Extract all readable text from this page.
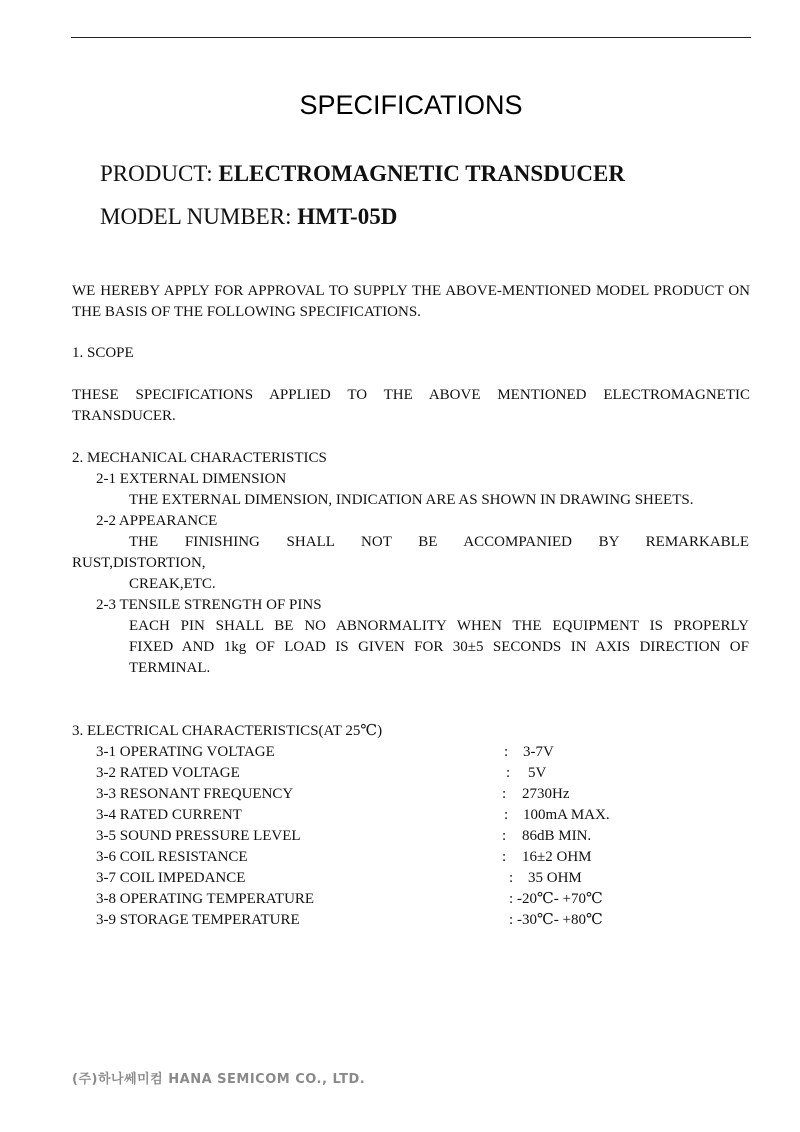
SPECIFICATIONS
PRODUCT: ELECTROMAGNETIC TRANSDUCER
MODEL NUMBER: HMT-05D
WE HEREBY APPLY FOR APPROVAL TO SUPPLY THE ABOVE-MENTIONED MODEL PRODUCT ON THE BASIS OF THE FOLLOWING SPECIFICATIONS.
1. SCOPE
THESE SPECIFICATIONS APPLIED TO THE ABOVE MENTIONED ELECTROMAGNETIC TRANSDUCER.
2. MECHANICAL CHARACTERISTICS
2-1 EXTERNAL DIMENSION
THE EXTERNAL DIMENSION, INDICATION ARE AS SHOWN IN DRAWING SHEETS.
2-2 APPEARANCE
THE FINISHING SHALL NOT BE ACCOMPANIED BY REMARKABLE
RUST,DISTORTION,
CREAK,ETC.
2-3 TENSILE STRENGTH OF PINS
EACH PIN SHALL BE NO ABNORMALITY WHEN THE EQUIPMENT IS PROPERLY
FIXED AND 1kg OF LOAD IS GIVEN FOR 30±5 SECONDS IN AXIS DIRECTION OF
TERMINAL.
3. ELECTRICAL CHARACTERISTICS(AT 25℃)
3-1 OPERATING VOLTAGE	: 3-7V
3-2 RATED VOLTAGE	: 5V
3-3 RESONANT FREQUENCY	: 2730Hz
3-4 RATED CURRENT	: 100mA MAX.
3-5 SOUND PRESSURE LEVEL	: 86dB MIN.
3-6 COIL RESISTANCE	: 16±2 OHM
3-7 COIL IMPEDANCE	: 35 OHM
3-8 OPERATING TEMPERATURE	: -20℃- +70℃
3-9 STORAGE TEMPERATURE	: -30℃- +80℃
(주)하나쎄미컴 HANA SEMICOM CO., LTD.
